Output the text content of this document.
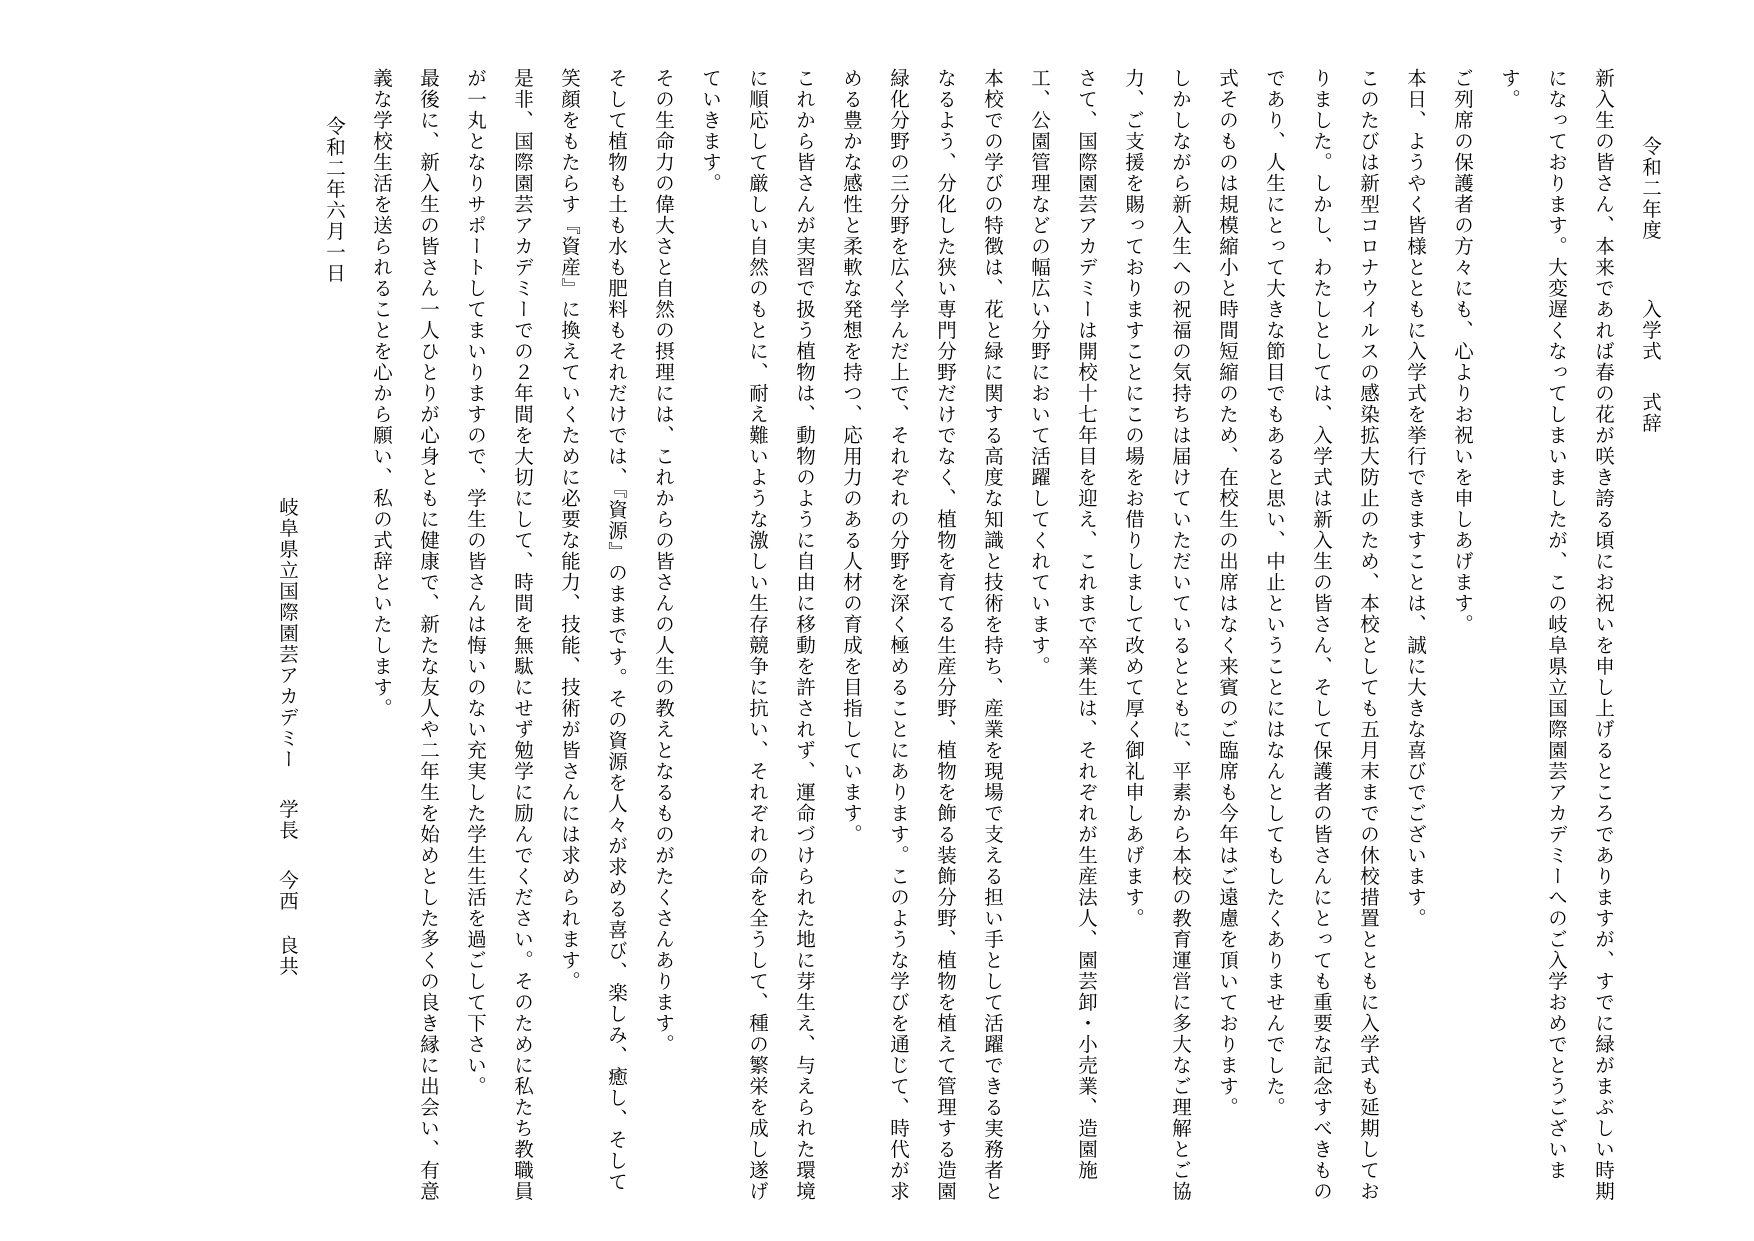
令和二年度入学式式辞

新入生の皆さん、本来であれば春の花が咲き誇る頃にお祝いを申し上げるところでありますが、すでに緑がまぶしい時期になっております。大変遅くなってしまいましたが、この岐阜県立国際園芸アカデミーへのご入学おめでとうございます。

ご列席の保護者の方々にも、心よりお祝いを申しあげます。

本日、ようやく皆様とともに入学式を挙行できますことは、誠に大きな喜びでございます。

このたびは新型コロナウイルスの感染拡大防止のため、本校としても五月末までの休校措置とともに入学式も延期しておりました。しかし、わたしとしては、入学式は新入生の皆さん、そして保護者の皆さんにとっても重要な記念すべきものであり、人生にとって大きな節目でもあると思い、中止ということにはなんとしてもしたくありませんでした。

式そのものは規模縮小と時間短縮のため、在校生の出席はなく来賓のご臨席も今年はご遠慮を頂いております。

しかしながら新入生への祝福の気持ちは届けていただいているとともに、平素から本校の教育運営に多大なご理解とご協力、ご支援を賜っておりますことにこの場をお借りしまして改めて厚く御礼申しあげます。

さて、国際園芸アカデミーは開校十七年目を迎え、これまで卒業生は、それぞれが生産法人、園芸卸・小売業、造園施工、公園管理などの幅広い分野において活躍してくれています。

本校での学びの特徴は、花と緑に関する高度な知識と技術を持ち、産業を現場で支える担い手として活躍できる実務者となるよう、分化した狭い専門分野だけでなく、植物を育てる生産分野、植物を飾る装飾分野、植物を植えて管理する造園緑化分野の三分野を広く学んだ上で、それぞれの分野を深く極めることにあります。このような学びを通じて、時代が求める豊かな感性と柔軟な発想を持つ、応用力のある人材の育成を目指しています。

これから皆さんが実習で扱う植物は、動物のように自由に移動を許されず、運命づけられた地に芽生え、与えられた環境に順応して厳しい自然のもとに、耐え難いような激しい生存競争に抗い、それぞれの命を全うして、種の繁栄を成し遂げていきます。

その生命力の偉大さと自然の摂理には、これからの皆さんの人生の教えとなるものがたくさんあります。

そして植物も土も水も肥料もそれだけでは、『資源』のままです。その資源を人々が求める喜び、楽しみ、癒し、そして笑顔をもたらす『資産』に換えていくために必要な能力、技能、技術が皆さんには求められます。

是非、国際園芸アカデミーでの２年間を大切にして、時間を無駄にせず勉学に励んでください。そのために私たち教職員が一丸となりサポートしてまいりますので、学生の皆さんは悔いのない充実した学生生活を過ごして下さい。

最後に、新入生の皆さん一人ひとりが心身ともに健康で、新たな友人や二年生を始めとした多くの良き縁に出会い、有意義な学校生活を送られることを心から願い、私の式辞といたします。

令和二年六月一日
岐阜県立国際園芸アカデミー学長今西良共
